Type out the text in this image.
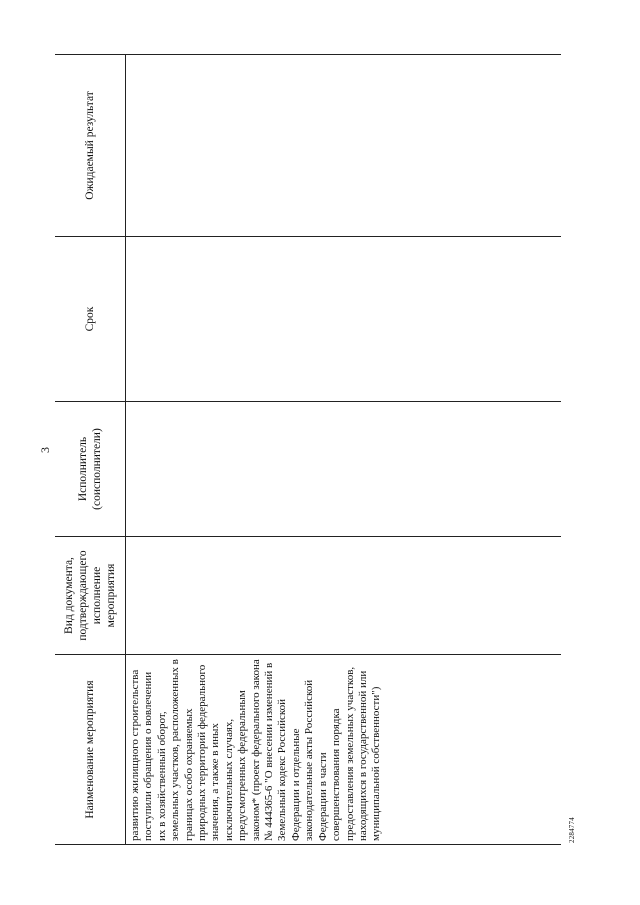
3
Наименование мероприятия	Вид документа, подтверждающего исполнение мероприятия	Исполнитель (соисполнители)	Срок	Ожидаемый результат
развитию жилищного строительства поступили обращения о вовлечении их в хозяйственный оборот, земельных участков, расположенных в границах особо охраняемых природных территорий федерального значения, а также в иных исключительных случаях, предусмотренных федеральным законом* (проект федерального закона № 444365-6 "О внесении изменений в Земельный кодекс Российской Федерации и отдельные законодательные акты Российской Федерации в части совершенствования порядка предоставления земельных участков, находящихся в государственной или муниципальной собственности")					2284774
